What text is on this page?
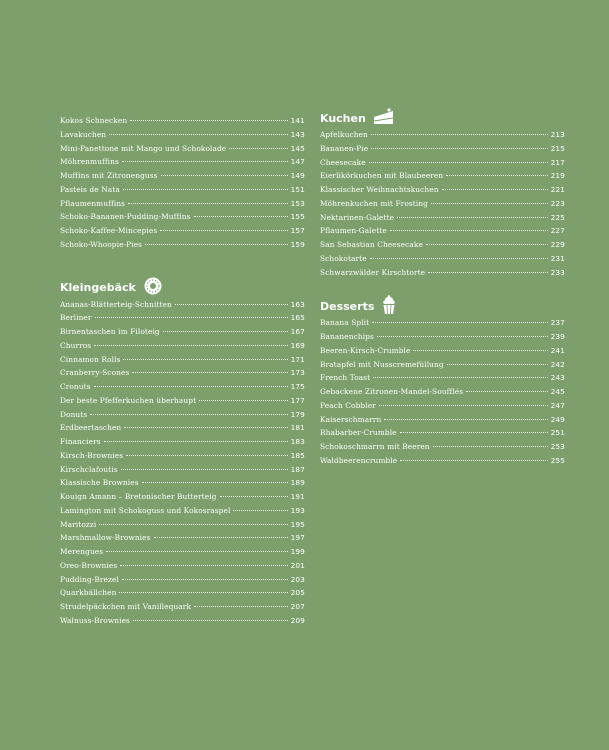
Kokos Schnecken	141
Lavakuchen	143
Mini-Panettone mit Mango und Schokolade	145
Möhrenmuffins	147
Muffins mit Zitronenguss	149
Pasteis de Nata	151
Pflaumenmuffins	153
Schoko-Bananen-Pudding-Muffins	155
Schoko-Kaffee-Mincepies	157
Schoko-Whoopie-Pies	159
Kleingebäck
Ananas-Blätterteig-Schnitten	163
Berliner	165
Birnentaschen im Filoteig	167
Churros	169
Cinnamon Rolls	171
Cranberry-Scones	173
Cronuts	175
Der beste Pfefferkuchen überhaupt	177
Donuts	179
Erdbeertaschen	181
Financiers	183
Kirsch-Brownies	185
Kirschclafoutis	187
Klassische Brownies	189
Kouign Amann – Bretonischer Butterteig	191
Lamington mit Schokoguss und Kokosraspel	193
Maritozzi	195
Marshmallow-Brownies	197
Merengues	199
Oreo-Brownies	201
Pudding-Brezel	203
Quarkbällchen	205
Strudelpäckchen mit Vanillequark	207
Walnuss-Brownies	209
Kuchen
Apfelkuchen	213
Bananen-Pie	215
Cheesecake	217
Eierlikörkuchen mit Blaubeeren	219
Klassischer Weihnachtskuchen	221
Möhrenkuchen mit Frosting	223
Nektarinen-Galette	225
Pflaumen-Galette	227
San Sebastian Cheesecake	229
Schokotarte	231
Schwarzwälder Kirschtorte	233
Desserts
Banana Split	237
Bananenchips	239
Beeren-Kirsch-Crumble	241
Bratapfel mit Nusscremefüllung	242
French Toast	243
Gebackene Zitronen-Mandel-Soufflés	245
Peach Cobbler	247
Kaiserschmarrn	249
Rhabarber-Crumble	251
Schokoschmarrn mit Beeren	253
Waldbeerencrumble	255
